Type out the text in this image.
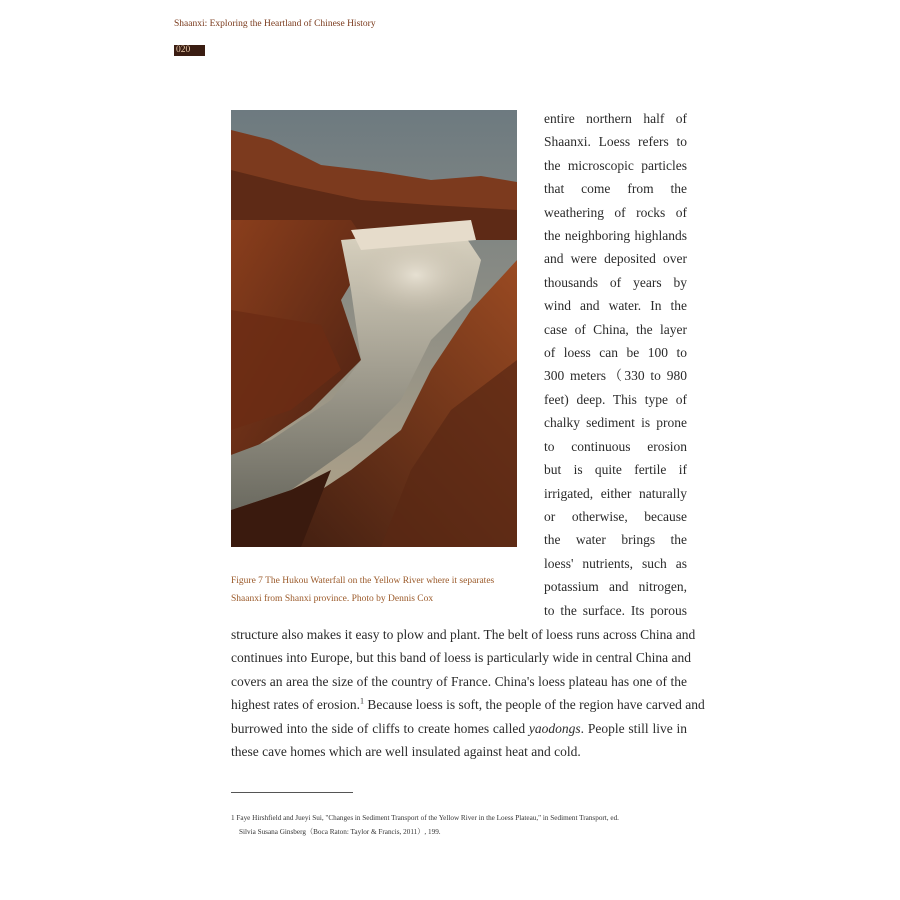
Shaanxi: Exploring the Heartland of Chinese History
020
Figure 7 The Hukou Waterfall on the Yellow River where it separates
Shaanxi from Shanxi province. Photo by Dennis Cox
entire northern half of
Shaanxi. Loess refers to
the microscopic particles
that come from the
weathering of rocks of
the neighboring highlands
and were deposited over
thousands of years by
wind and water. In the
case of China, the layer
of loess can be 100 to
300 meters（330 to 980
feet) deep. This type of
chalky sediment is prone
to continuous erosion
but is quite fertile if
irrigated, either naturally
or otherwise, because
the water brings the
loess' nutrients, such as
potassium and nitrogen,
to the surface. Its porous
structure also makes it easy to plow and plant. The belt of loess runs across China and
continues into Europe, but this band of loess is particularly wide in central China and
covers an area the size of the country of France. China's loess plateau has one of the
highest rates of erosion.$^1$ Because loess is soft, the people of the region have carved and
burrowed into the side of cliffs to create homes called yaodongs. People still live in
these cave homes which are well insulated against heat and cold.
1 Faye Hirshfield and Jueyi Sui, "Changes in Sediment Transport of the Yellow River in the Loess Plateau," in Sediment Transport, ed.
Silvia Susana Ginsberg（Boca Raton: Taylor & Francis, 2011）, 199.
